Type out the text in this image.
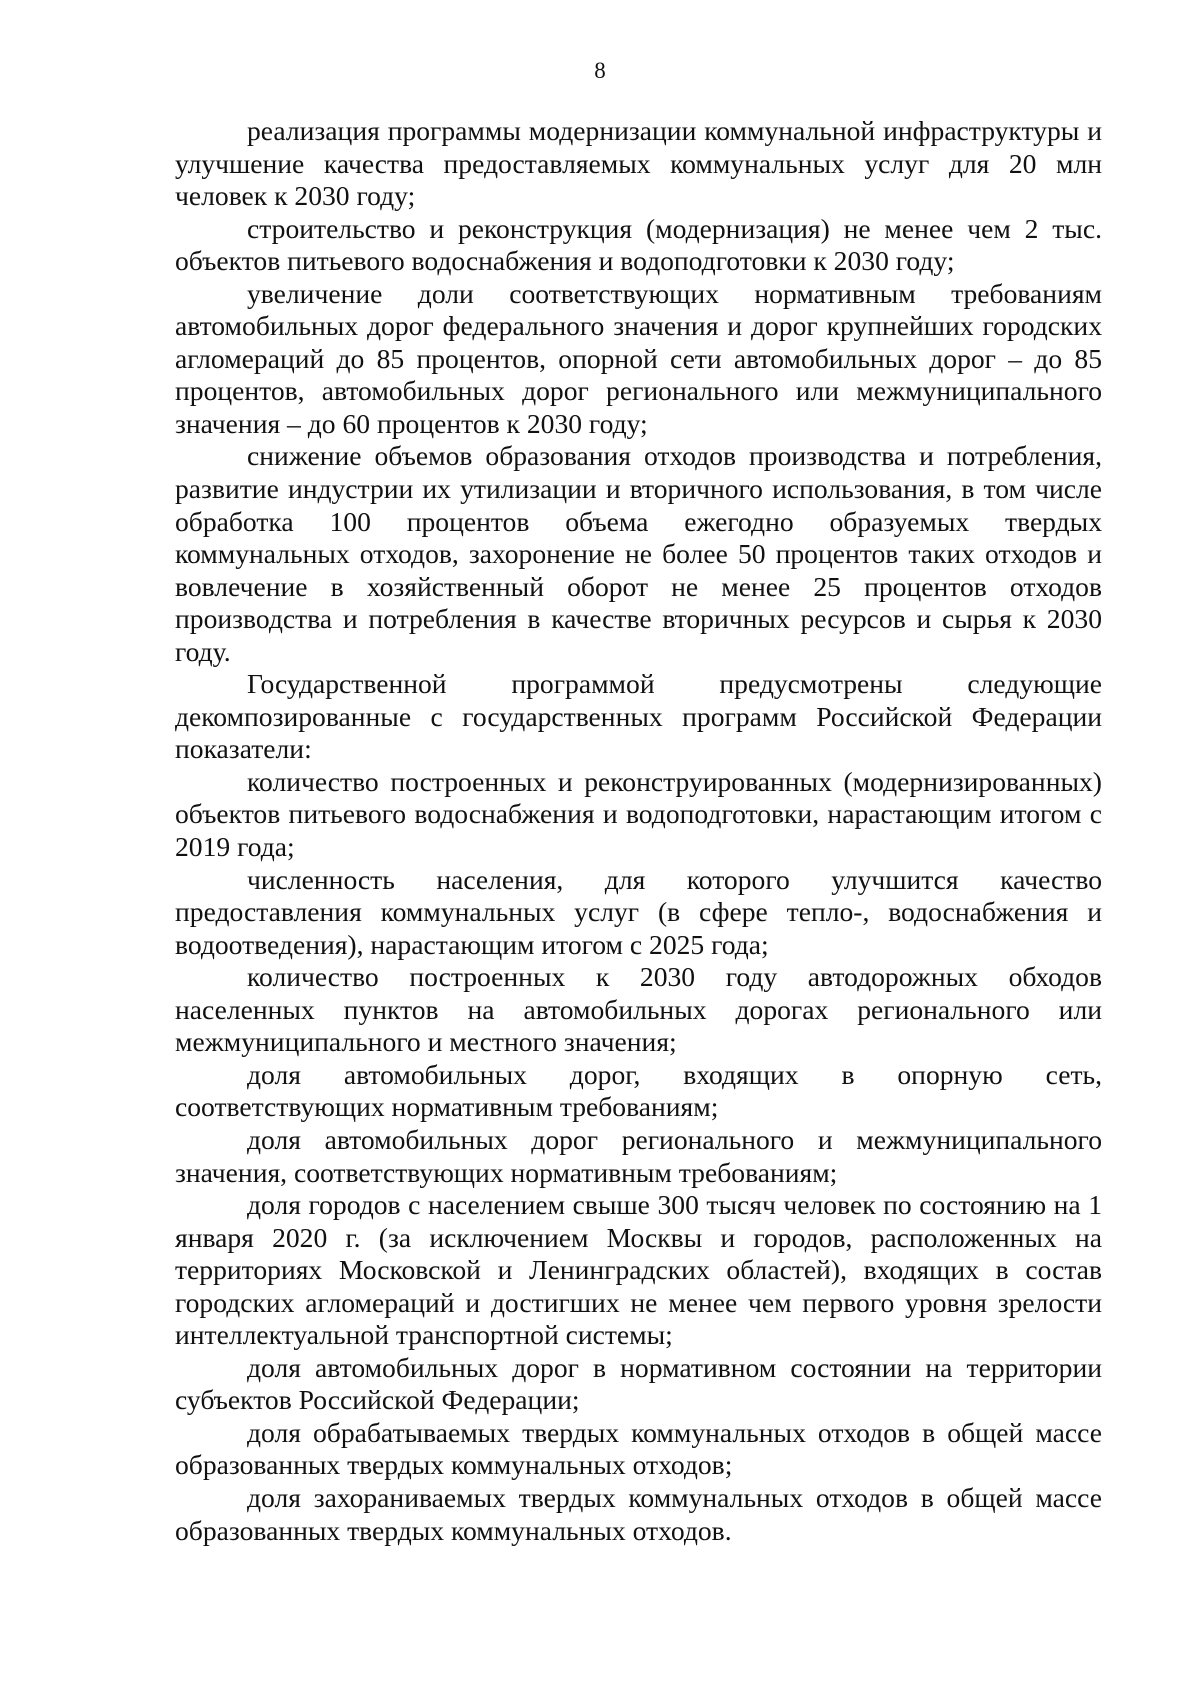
8

реализация программы модернизации коммунальной инфраструктуры и улучшение качества предоставляемых коммунальных услуг для 20 млн человек к 2030 году;

строительство и реконструкция (модернизация) не менее чем 2 тыс. объектов питьевого водоснабжения и водоподготовки к 2030 году;

увеличение доли соответствующих нормативным требованиям автомобильных дорог федерального значения и дорог крупнейших городских агломераций до 85 процентов, опорной сети автомобильных дорог – до 85 процентов, автомобильных дорог регионального или межмуниципального значения – до 60 процентов к 2030 году;

снижение объемов образования отходов производства и потребления, развитие индустрии их утилизации и вторичного использования, в том числе обработка 100 процентов объема ежегодно образуемых твердых коммунальных отходов, захоронение не более 50 процентов таких отходов и вовлечение в хозяйственный оборот не менее 25 процентов отходов производства и потребления в качестве вторичных ресурсов и сырья к 2030 году.

Государственной программой предусмотрены следующие декомпозированные с государственных программ Российской Федерации показатели:

количество построенных и реконструированных (модернизированных) объектов питьевого водоснабжения и водоподготовки, нарастающим итогом с 2019 года;

численность населения, для которого улучшится качество предоставления коммунальных услуг (в сфере тепло-, водоснабжения и водоотведения), нарастающим итогом с 2025 года;

количество построенных к 2030 году автодорожных обходов населенных пунктов на автомобильных дорогах регионального или межмуниципального и местного значения;

доля автомобильных дорог, входящих в опорную сеть, соответствующих нормативным требованиям;

доля автомобильных дорог регионального и межмуниципального значения, соответствующих нормативным требованиям;

доля городов с населением свыше 300 тысяч человек по состоянию на 1 января 2020 г. (за исключением Москвы и городов, расположенных на территориях Московской и Ленинградских областей), входящих в состав городских агломераций и достигших не менее чем первого уровня зрелости интеллектуальной транспортной системы;

доля автомобильных дорог в нормативном состоянии на территории субъектов Российской Федерации;

доля обрабатываемых твердых коммунальных отходов в общей массе образованных твердых коммунальных отходов;

доля захораниваемых твердых коммунальных отходов в общей массе образованных твердых коммунальных отходов.
